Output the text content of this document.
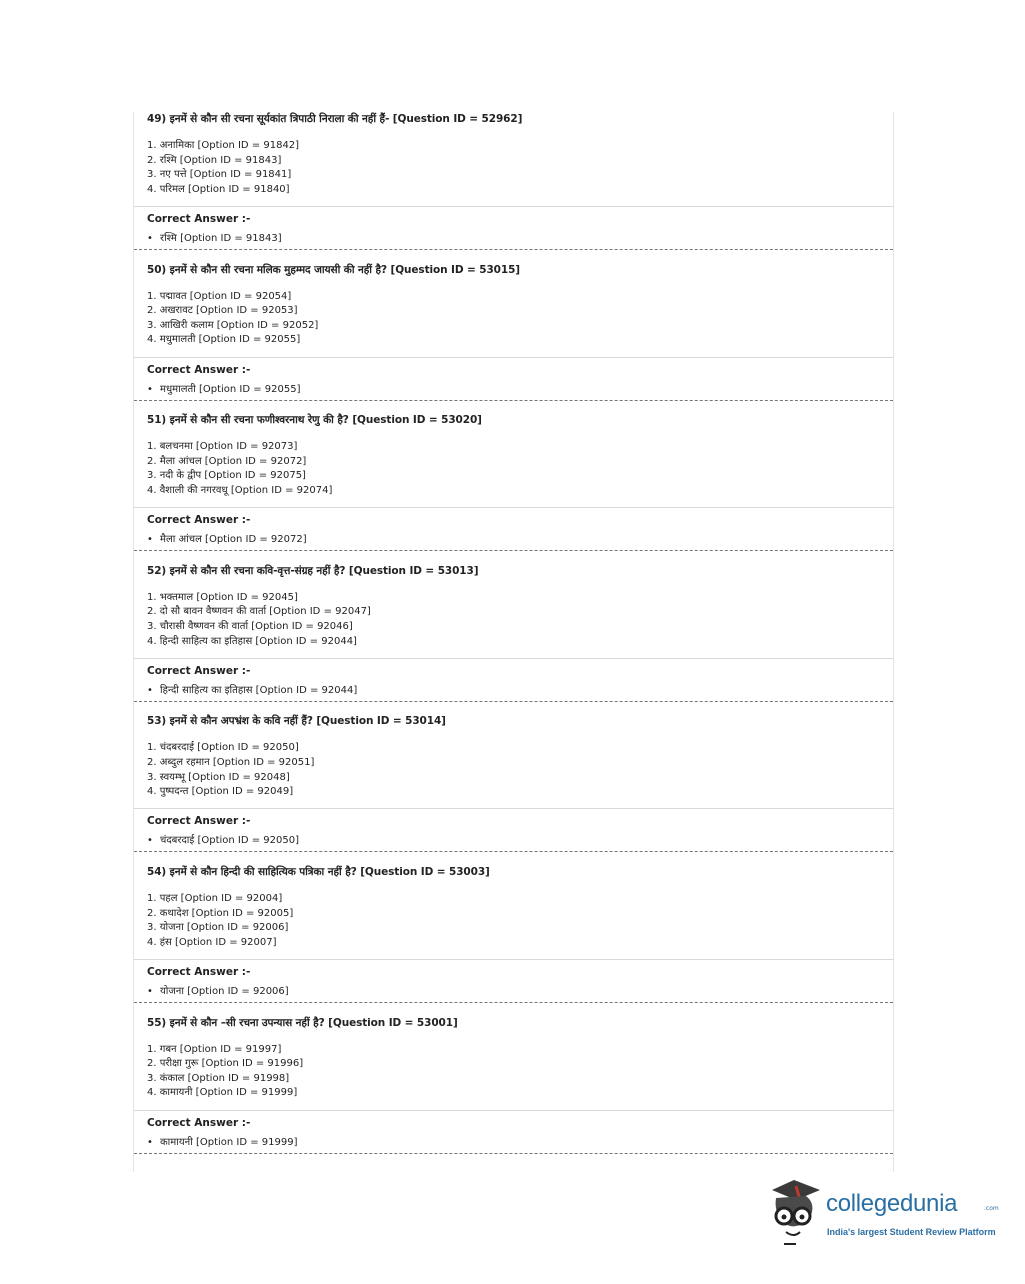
49) इनमें से कौन सी रचना सूर्यकांत त्रिपाठी निराला की नहीं हैं- [Question ID = 52962]
1. अनामिका [Option ID = 91842]
2. रश्मि [Option ID = 91843]
3. नए पत्ते [Option ID = 91841]
4. परिमल [Option ID = 91840]
Correct Answer :-
• रश्मि [Option ID = 91843]
50) इनमें से कौन सी रचना मलिक मुहम्मद जायसी की नहीं है? [Question ID = 53015]
1. पद्मावत [Option ID = 92054]
2. अखरावट [Option ID = 92053]
3. आखिरी कलाम [Option ID = 92052]
4. मधुमालती [Option ID = 92055]
Correct Answer :-
• मधुमालती [Option ID = 92055]
51) इनमें से कौन सी रचना फणीश्वरनाथ रेणु की है? [Question ID = 53020]
1. बलचनमा [Option ID = 92073]
2. मैला आंचल [Option ID = 92072]
3. नदी के द्वीप [Option ID = 92075]
4. वैशाली की नगरवधू [Option ID = 92074]
Correct Answer :-
• मैला आंचल [Option ID = 92072]
52) इनमें से कौन सी रचना कवि-वृत्त-संग्रह नहीं है? [Question ID = 53013]
1. भक्तमाल [Option ID = 92045]
2. दो सौ बावन वैष्णवन की वार्ता [Option ID = 92047]
3. चौरासी वैष्णवन की वार्ता [Option ID = 92046]
4. हिन्दी साहित्य का इतिहास [Option ID = 92044]
Correct Answer :-
• हिन्दी साहित्य का इतिहास [Option ID = 92044]
53) इनमें से कौन अपभ्रंश के कवि नहीं हैं? [Question ID = 53014]
1. चंदबरदाई [Option ID = 92050]
2. अब्दुल रहमान [Option ID = 92051]
3. स्वयम्भू [Option ID = 92048]
4. पुष्पदन्त [Option ID = 92049]
Correct Answer :-
• चंदबरदाई [Option ID = 92050]
54) इनमें से कौन हिन्दी की साहित्यिक पत्रिका नहीं है? [Question ID = 53003]
1. पहल [Option ID = 92004]
2. कथादेश [Option ID = 92005]
3. योजना [Option ID = 92006]
4. हंस [Option ID = 92007]
Correct Answer :-
• योजना [Option ID = 92006]
55) इनमें से कौन –सी रचना उपन्यास नहीं है? [Question ID = 53001]
1. गबन [Option ID = 91997]
2. परीक्षा गुरू [Option ID = 91996]
3. कंकाल [Option ID = 91998]
4. कामायनी [Option ID = 91999]
Correct Answer :-
• कामायनी [Option ID = 91999]
collegedunia	.com
India's largest Student Review Platform
